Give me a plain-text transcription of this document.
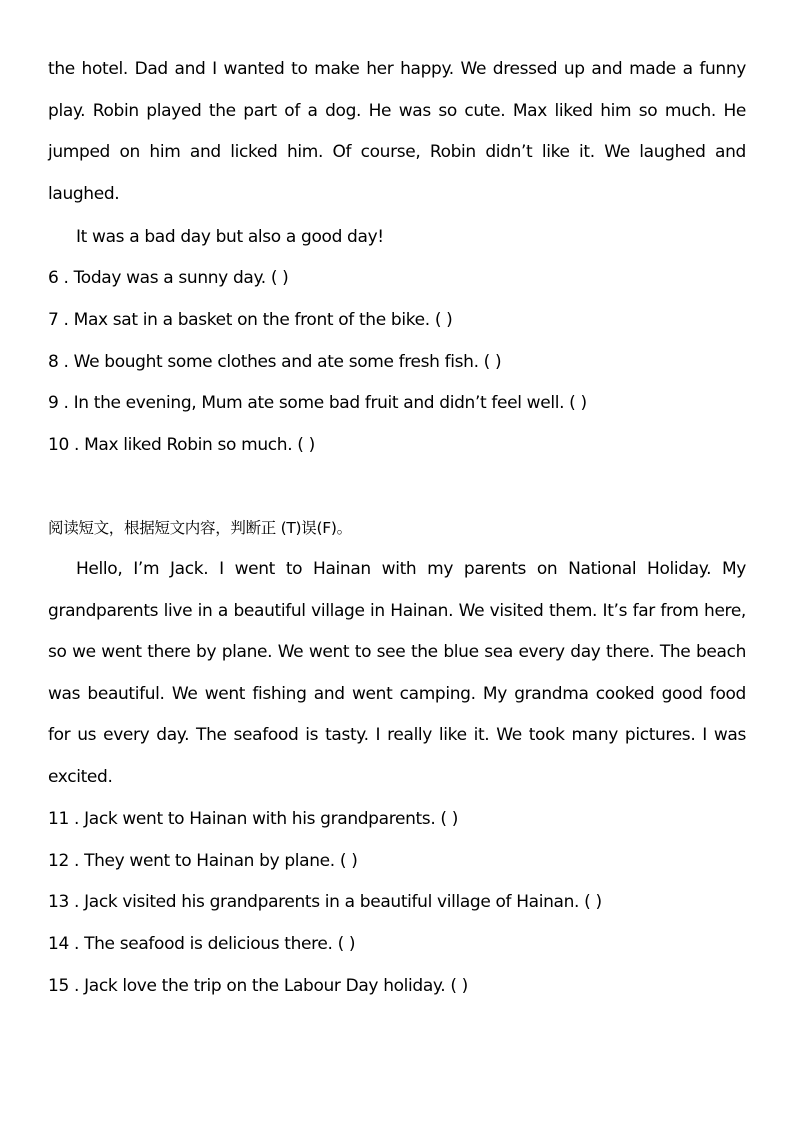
the hotel. Dad and I wanted to make her happy. We dressed up and made a funny play. Robin played the part of a dog. He was so cute. Max liked him so much. He jumped on him and licked him. Of course, Robin didn’t like it. We laughed and laughed.

It was a bad day but also a good day!

6 . Today was a sunny day. ( )

7 . Max sat in a basket on the front of the bike. ( )

8 . We bought some clothes and ate some fresh fish. ( )

9 . In the evening, Mum ate some bad fruit and didn’t feel well. ( )

10 . Max liked Robin so much. ( )

阅读短文，根据短文内容，判断正 (T)误(F)。

Hello, I’m Jack. I went to Hainan with my parents on National Holiday. My grandparents live in a beautiful village in Hainan. We visited them. It’s far from here, so we went there by plane. We went to see the blue sea every day there. The beach was beautiful. We went fishing and went camping. My grandma cooked good food for us every day. The seafood is tasty. I really like it. We took many pictures. I was excited.

11 . Jack went to Hainan with his grandparents. ( )

12 . They went to Hainan by plane. ( )

13 . Jack visited his grandparents in a beautiful village of Hainan. ( )

14 . The seafood is delicious there. ( )

15 . Jack love the trip on the Labour Day holiday. ( )
